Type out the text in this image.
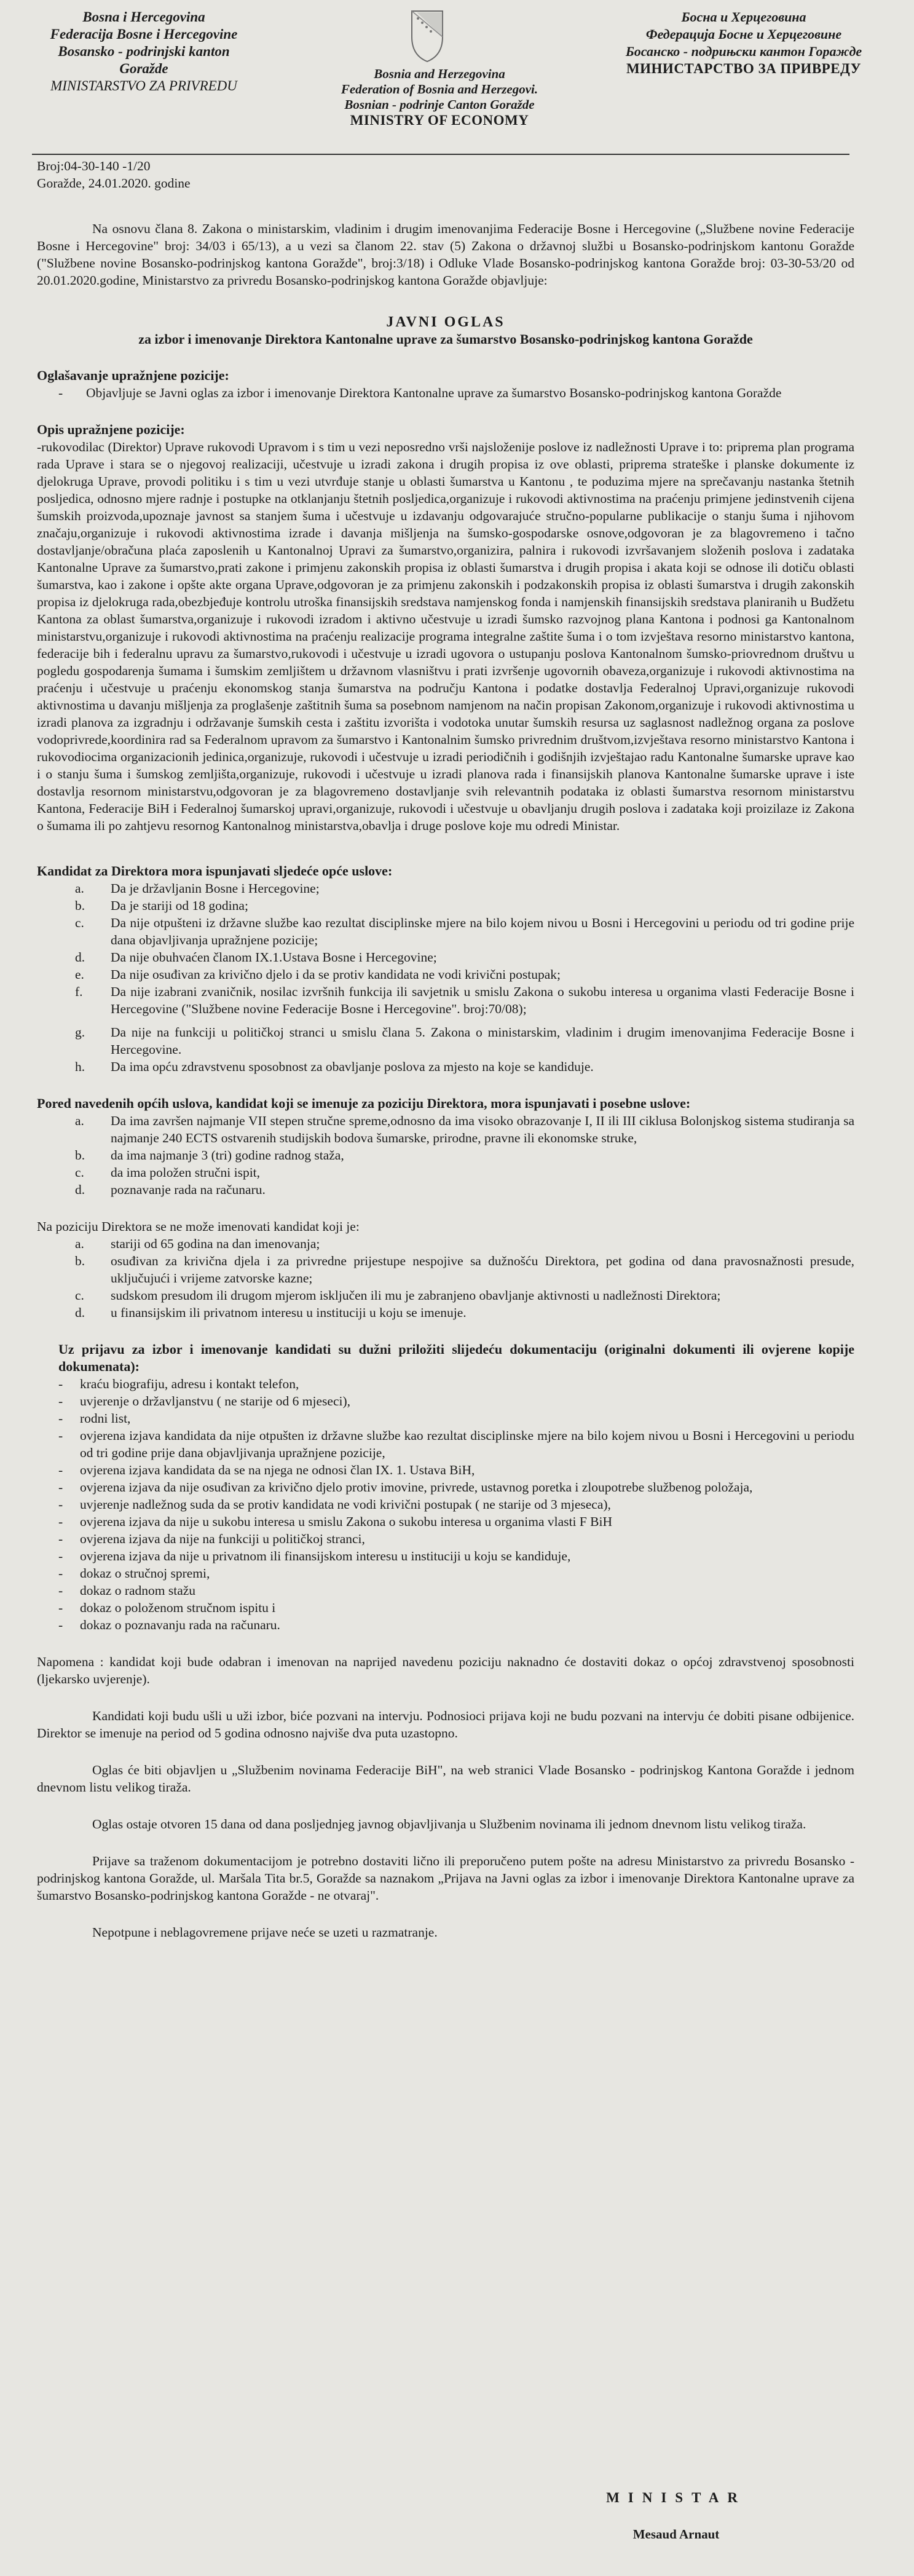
Bosna i Hercegovina
Federacija Bosne i Hercegovine
Bosansko - podrinjski kanton
Goražde
MINISTARSTVO ZA PRIVREDU
Bosnia and Herzegovina
Federation of Bosnia and Herzegovi.
Bosnian - podrinje Canton Goražde
MINISTRY OF ECONOMY
Босна и Херцеговина
Федерација Босне и Херцеговине
Босанско - подрињски кантон Горажде
МИНИСТАРСТВО ЗА ПРИВРЕДУ
Broj:04-30-140 -1/20
Goražde, 24.01.2020. godine

Na osnovu člana 8. Zakona o ministarskim, vladinim i drugim imenovanjima Federacije Bosne i Hercegovine („Službene novine Federacije Bosne i Hercegovine" broj: 34/03 i 65/13), a u vezi sa članom 22. stav (5) Zakona o državnoj službi u Bosansko-podrinjskom kantonu Goražde ("Službene novine Bosansko-podrinjskog kantona Goražde", broj:3/18) i Odluke Vlade Bosansko-podrinjskog kantona Goražde broj: 03-30-53/20 od 20.01.2020.godine, Ministarstvo za privredu Bosansko-podrinjskog kantona Goražde objavljuje:

JAVNI OGLAS
za izbor i imenovanje Direktora Kantonalne uprave za šumarstvo Bosansko-podrinjskog kantona Goražde
Oglašavanje upražnjene pozicije:
- Objavljuje se Javni oglas za izbor i imenovanje Direktora Kantonalne uprave za šumarstvo Bosansko-podrinjskog kantona Goražde
Opis upražnjene pozicije:

-rukovodilac (Direktor) Uprave rukovodi Upravom i s tim u vezi neposredno vrši najsloženije poslove iz nadležnosti Uprave i to: priprema plan programa rada Uprave i stara se o njegovoj realizaciji, učestvuje u izradi zakona i drugih propisa iz ove oblasti, priprema strateške i planske dokumente iz djelokruga Uprave, provodi politiku i s tim u vezi utvrđuje stanje u oblasti šumarstva u Kantonu , te poduzima mjere na sprečavanju nastanka štetnih posljedica, odnosno mjere radnje i postupke na otklanjanju štetnih posljedica,organizuje i rukovodi aktivnostima na praćenju primjene jedinstvenih cijena šumskih proizvoda,upoznaje javnost sa stanjem šuma i učestvuje u izdavanju odgovarajuće stručno-popularne publikacije o stanju šuma i njihovom značaju,organizuje i rukovodi aktivnostima izrade i davanja mišljenja na šumsko-gospodarske osnove,odgovoran je za blagovremeno i tačno dostavljanje/obračuna plaća zaposlenih u Kantonalnoj Upravi za šumarstvo,organizira, palnira i rukovodi izvršavanjem složenih poslova i zadataka Kantonalne Uprave za šumarstvo,prati zakone i primjenu zakonskih propisa iz oblasti šumarstva i drugih propisa i akata koji se odnose ili dotiču oblasti šumarstva, kao i zakone i opšte akte organa Uprave,odgovoran je za primjenu zakonskih i podzakonskih propisa iz oblasti šumarstva i drugih zakonskih propisa iz djelokruga rada,obezbjeđuje kontrolu utroška finansijskih sredstava namjenskog fonda i namjenskih finansijskih sredstava planiranih u Budžetu Kantona za oblast šumarstva,organizuje i rukovodi izradom i aktivno učestvuje u izradi šumsko razvojnog plana Kantona i podnosi ga Kantonalnom ministarstvu,organizuje i rukovodi aktivnostima na praćenju realizacije programa integralne zaštite šuma i o tom izvještava resorno ministarstvo kantona, federacije bih i federalnu upravu za šumarstvo,rukovodi i učestvuje u izradi ugovora o ustupanju poslova Kantonalnom šumsko-priovrednom društvu u pogledu gospodarenja šumama i šumskim zemljištem u državnom vlasništvu i prati izvršenje ugovornih obaveza,organizuje i rukovodi aktivnostima na praćenju i učestvuje u praćenju ekonomskog stanja šumarstva na području Kantona i podatke dostavlja Federalnoj Upravi,organizuje rukovodi aktivnostima u davanju mišljenja za proglašenje zaštitnih šuma sa posebnom namjenom na način propisan Zakonom,organizuje i rukovodi aktivnostima u izradi planova za izgradnju i održavanje šumskih cesta i zaštitu izvorišta i vodotoka unutar šumskih resursa uz saglasnost nadležnog organa za poslove vodoprivrede,koordinira rad sa Federalnom upravom za šumarstvo i Kantonalnim šumsko privrednim društvom,izvještava resorno ministarstvo Kantona i rukovodiocima organizacionih jedinica,organizuje, rukovodi i učestvuje u izradi periodičnih i godišnjih izvještajao radu Kantonalne šumarske uprave kao i o stanju šuma i šumskog zemljišta,organizuje, rukovodi i učestvuje u izradi planova rada i finansijskih planova Kantonalne šumarske uprave i iste dostavlja resornom ministarstvu,odgovoran je za blagovremeno dostavljanje svih relevantnih podataka iz oblasti šumarstva resornom ministarstvu Kantona, Federacije BiH i Federalnoj šumarskoj upravi,organizuje, rukovodi i učestvuje u obavljanju drugih poslova i zadataka koji proizilaze iz Zakona o šumama ili po zahtjevu resornog Kantonalnog ministarstva,obavlja i druge poslove koje mu odredi Ministar.

Kandidat za Direktora mora ispunjavati sljedeće opće uslove:
a. Da je državljanin Bosne i Hercegovine;
b. Da je stariji od 18 godina;
c. Da nije otpušteni iz državne službe kao rezultat disciplinske mjere na bilo kojem nivou u Bosni i Hercegovini u periodu od tri godine prije dana objavljivanja upražnjene pozicije;
d. Da nije obuhvaćen članom IX.1.Ustava Bosne i Hercegovine;
e. Da nije osuđivan za krivično djelo i da se protiv kandidata ne vodi krivični postupak;
f. Da nije izabrani zvaničnik, nosilac izvršnih funkcija ili savjetnik u smislu Zakona o sukobu interesa u organima vlasti Federacije Bosne i Hercegovine ("Službene novine Federacije Bosne i Hercegovine". broj:70/08);
g. Da nije na funkciji u političkoj stranci u smislu člana 5. Zakona o ministarskim, vladinim i drugim imenovanjima Federacije Bosne i Hercegovine.
h. Da ima opću zdravstvenu sposobnost za obavljanje poslova za mjesto na koje se kandiduje.
Pored navedenih općih uslova, kandidat koji se imenuje za poziciju Direktora, mora ispunjavati i posebne uslove:
a. Da ima završen najmanje VII stepen stručne spreme,odnosno da ima visoko obrazovanje I, II ili III ciklusa Bolonjskog sistema studiranja sa najmanje 240 ECTS ostvarenih studijskih bodova šumarske, prirodne, pravne ili ekonomske struke,
b. da ima najmanje 3 (tri) godine radnog staža,
c. da ima položen stručni ispit,
d. poznavanje rada na računaru.
Na poziciju Direktora se ne može imenovati kandidat koji je:
a. stariji od 65 godina na dan imenovanja;
b. osuđivan za krivična djela i za privredne prijestupe nespojive sa dužnošću Direktora, pet godina od dana pravosnažnosti presude, uključujući i vrijeme zatvorske kazne;
c. sudskom presudom ili drugom mjerom isključen ili mu je zabranjeno obavljanje aktivnosti u nadležnosti Direktora;
d. u finansijskim ili privatnom interesu u instituciji u koju se imenuje.
Uz prijavu za izbor i imenovanje kandidati su dužni priložiti slijedeću dokumentaciju (originalni dokumenti ili ovjerene kopije dokumenata):
- kraću biografiju, adresu i kontakt telefon,
- uvjerenje o državljanstvu ( ne starije od 6 mjeseci),
- rodni list,
- ovjerena izjava kandidata da nije otpušten iz državne službe kao rezultat disciplinske mjere na bilo kojem nivou u Bosni i Hercegovini u periodu od tri godine prije dana objavljivanja upražnjene pozicije,
- ovjerena izjava kandidata da se na njega ne odnosi član IX. 1. Ustava BiH,
- ovjerena izjava da nije osuđivan za krivično djelo protiv imovine, privrede, ustavnog poretka i zloupotrebe službenog položaja,
- uvjerenje nadležnog suda da se protiv kandidata ne vodi krivični postupak ( ne starije od 3 mjeseca),
- ovjerena izjava da nije u sukobu interesa u smislu Zakona o sukobu interesa u organima vlasti F BiH
- ovjerena izjava da nije na funkciji u političkoj stranci,
- ovjerena izjava da nije u privatnom ili finansijskom interesu u instituciji u koju se kandiduje,
- dokaz o stručnoj spremi,
- dokaz o radnom stažu
- dokaz o položenom stručnom ispitu i
- dokaz o poznavanju rada na računaru.

Napomena : kandidat koji bude odabran i imenovan na naprijed navedenu poziciju naknadno će dostaviti dokaz o općoj zdravstvenoj sposobnosti (ljekarsko uvjerenje).

Kandidati koji budu ušli u uži izbor, biće pozvani na intervju. Podnosioci prijava koji ne budu pozvani na intervju će dobiti pisane odbijenice. Direktor se imenuje na period od 5 godina odnosno najviše dva puta uzastopno.

Oglas će biti objavljen u „Službenim novinama Federacije BiH", na web stranici Vlade Bosansko - podrinjskog Kantona Goražde i jednom dnevnom listu velikog tiraža.

Oglas ostaje otvoren 15 dana od dana posljednjeg javnog objavljivanja u Službenim novinama ili jednom dnevnom listu velikog tiraža.

Prijave sa traženom dokumentacijom je potrebno dostaviti lično ili preporučeno putem pošte na adresu Ministarstvo za privredu Bosansko - podrinjskog kantona Goražde, ul. Maršala Tita br.5, Goražde sa naznakom „Prijava na Javni oglas za izbor i imenovanje Direktora Kantonalne uprave za šumarstvo Bosansko-podrinjskog kantona Goražde - ne otvaraj".

Nepotpune i neblagovremene prijave neće se uzeti u razmatranje.

MINISTAR
Mesaud Arnaut
